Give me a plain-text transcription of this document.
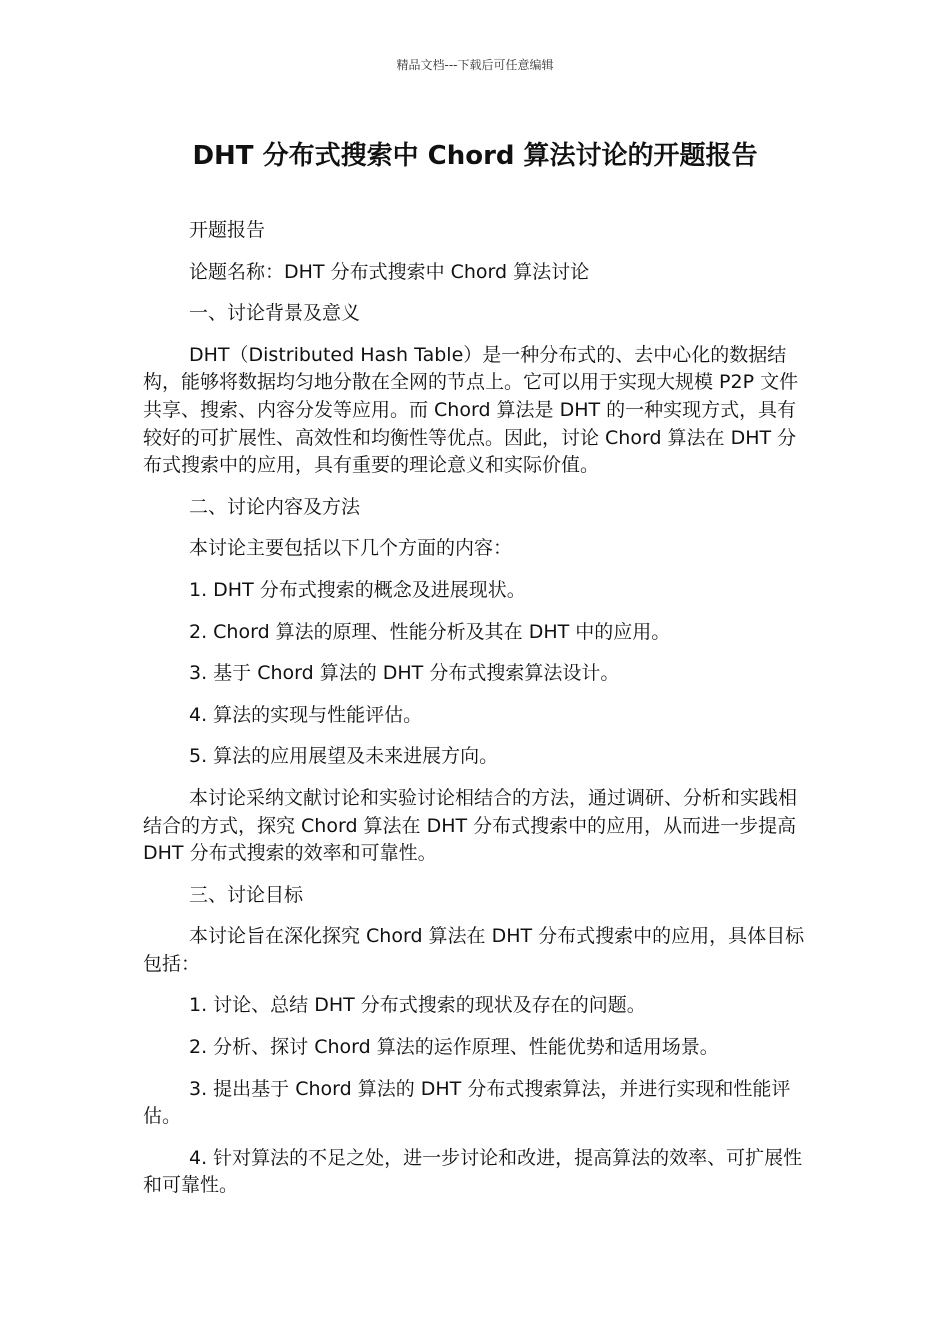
精品文档---下载后可任意编辑
DHT 分布式搜索中 Chord 算法讨论的开题报告

开题报告

论题名称：DHT 分布式搜索中 Chord 算法讨论

一、讨论背景及意义

DHT（Distributed Hash Table）是一种分布式的、去中心化的数据结构，能够将数据均匀地分散在全网的节点上。它可以用于实现大规模 P2P 文件共享、搜索、内容分发等应用。而 Chord 算法是 DHT 的一种实现方式，具有较好的可扩展性、高效性和均衡性等优点。因此，讨论 Chord 算法在 DHT 分布式搜索中的应用，具有重要的理论意义和实际价值。

二、讨论内容及方法

本讨论主要包括以下几个方面的内容：

1. DHT 分布式搜索的概念及进展现状。

2. Chord 算法的原理、性能分析及其在 DHT 中的应用。

3. 基于 Chord 算法的 DHT 分布式搜索算法设计。

4. 算法的实现与性能评估。

5. 算法的应用展望及未来进展方向。

本讨论采纳文献讨论和实验讨论相结合的方法，通过调研、分析和实践相结合的方式，探究 Chord 算法在 DHT 分布式搜索中的应用，从而进一步提高 DHT 分布式搜索的效率和可靠性。

三、讨论目标

本讨论旨在深化探究 Chord 算法在 DHT 分布式搜索中的应用，具体目标包括：

1. 讨论、总结 DHT 分布式搜索的现状及存在的问题。

2. 分析、探讨 Chord 算法的运作原理、性能优势和适用场景。

3. 提出基于 Chord 算法的 DHT 分布式搜索算法，并进行实现和性能评估。

4. 针对算法的不足之处，进一步讨论和改进，提高算法的效率、可扩展性和可靠性。
